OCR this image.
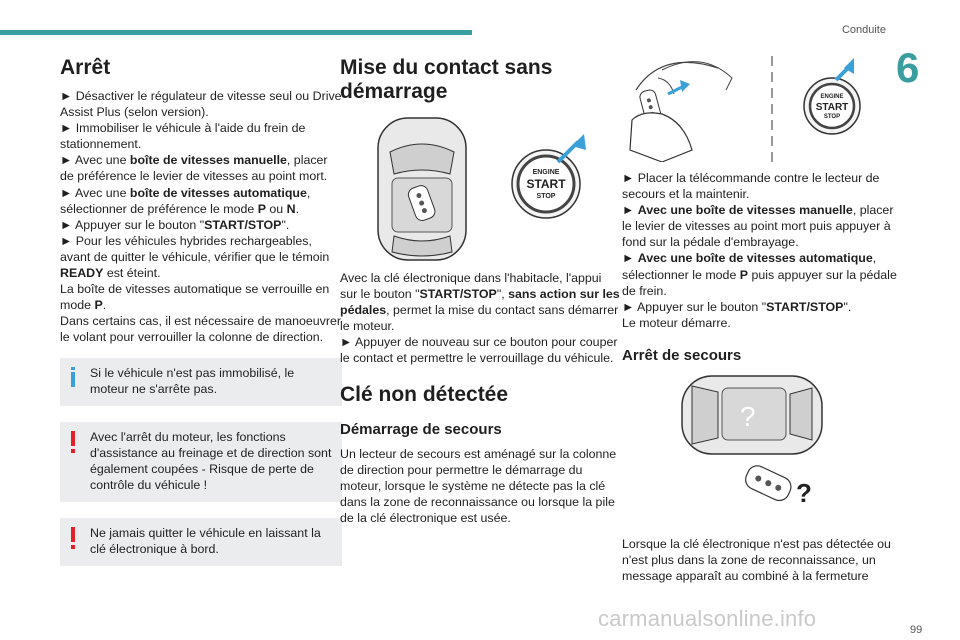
Conduite
6
Arrêt

► Désactiver le régulateur de vitesse seul ou Drive Assist Plus (selon version).

► Immobiliser le véhicule à l'aide du frein de stationnement.

► Avec une boîte de vitesses manuelle, placer de préférence le levier de vitesses au point mort.

► Avec une boîte de vitesses automatique, sélectionner de préférence le mode P ou N.

► Appuyer sur le bouton "START/STOP".

► Pour les véhicules hybrides rechargeables, avant de quitter le véhicule, vérifier que le témoin READY est éteint.

La boîte de vitesses automatique se verrouille en mode P.

Dans certains cas, il est nécessaire de manoeuvrer le volant pour verrouiller la colonne de direction.

Si le véhicule n'est pas immobilisé, le moteur ne s'arrête pas.
Avec l'arrêt du moteur, les fonctions d'assistance au freinage et de direction sont également coupées - Risque de perte de contrôle du véhicule !
Ne jamais quitter le véhicule en laissant la clé électronique à bord.
Mise du contact sans démarrage
ENGINE
START
STOP

Avec la clé électronique dans l'habitacle, l'appui sur le bouton "START/STOP", sans action sur les pédales, permet la mise du contact sans démarrer le moteur.

► Appuyer de nouveau sur ce bouton pour couper le contact et permettre le verrouillage du véhicule.

Clé non détectée
Démarrage de secours

Un lecteur de secours est aménagé sur la colonne de direction pour permettre le démarrage du moteur, lorsque le système ne détecte pas la clé dans la zone de reconnaissance ou lorsque la pile de la clé électronique est usée.

ENGINE
START
STOP

► Placer la télécommande contre le lecteur de secours et la maintenir.

► Avec une boîte de vitesses manuelle, placer le levier de vitesses au point mort puis appuyer à fond sur la pédale d'embrayage.

► Avec une boîte de vitesses automatique, sélectionner le mode P puis appuyer sur la pédale de frein.

► Appuyer sur le bouton "START/STOP".

Le moteur démarre.

Arrêt de secours
?
?

Lorsque la clé électronique n'est pas détectée ou n'est plus dans la zone de reconnaissance, un message apparaît au combiné à la fermeture

carmanualsonline.info	99
